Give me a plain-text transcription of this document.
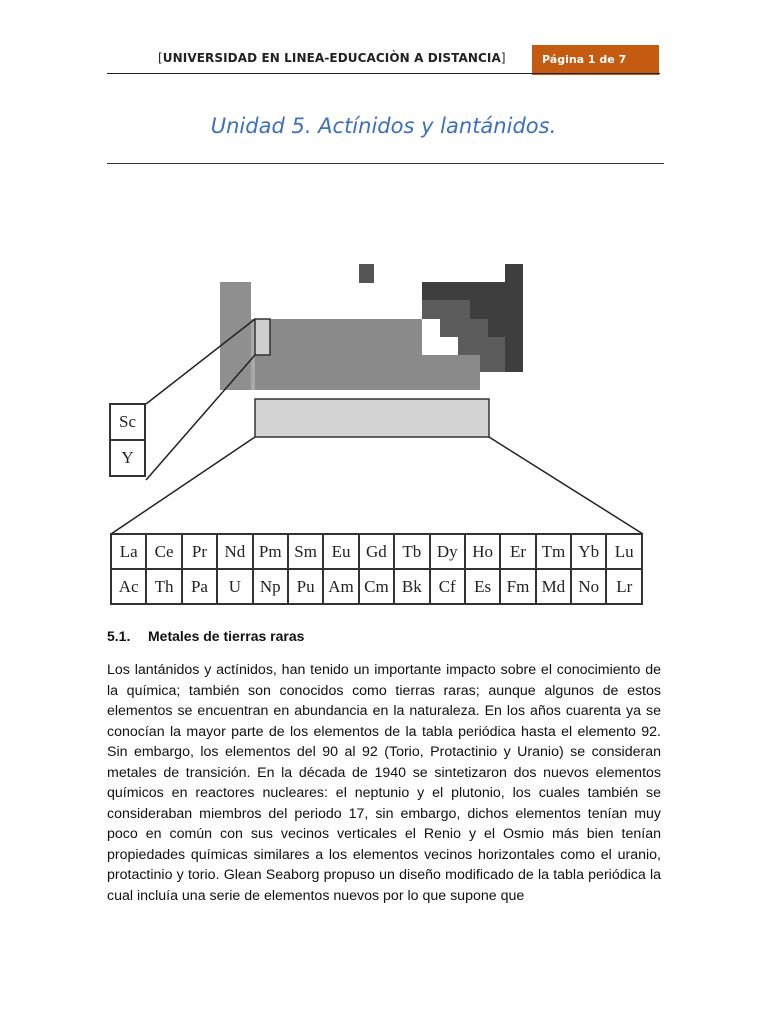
[UNIVERSIDAD EN LINEA-EDUCACIÒN A DISTANCIA]	Página 1 de 7
Unidad 5. Actínidos y lantánidos.
Sc
Y
La	Ce	Pr	Nd	Pm	Sm	Eu	Gd	Tb	Dy	Ho	Er	Tm	Yb	Lu
Ac	Th	Pa	U	Np	Pu	Am	Cm	Bk	Cf	Es	Fm	Md	No	Lr
5.1. Metales de tierras raras
Los lantánidos y actínidos, han tenido un importante impacto sobre el conocimiento de la química; también son conocidos como tierras raras; aunque algunos de estos elementos se encuentran en abundancia en la naturaleza. En los años cuarenta ya se conocían la mayor parte de los elementos de la tabla periódica hasta el elemento 92. Sin embargo, los elementos del 90 al 92 (Torio, Protactinio y Uranio) se consideran metales de transición. En la década de 1940 se sintetizaron dos nuevos elementos químicos en reactores nucleares: el neptunio y el plutonio, los cuales también se consideraban miembros del periodo 17, sin embargo, dichos elementos tenían muy poco en común con sus vecinos verticales el Renio y el Osmio más bien tenían propiedades químicas similares a los elementos vecinos horizontales como el uranio, protactinio y torio. Glean Seaborg propuso un diseño modificado de la tabla periódica la cual incluía una serie de elementos nuevos por lo que supone que
